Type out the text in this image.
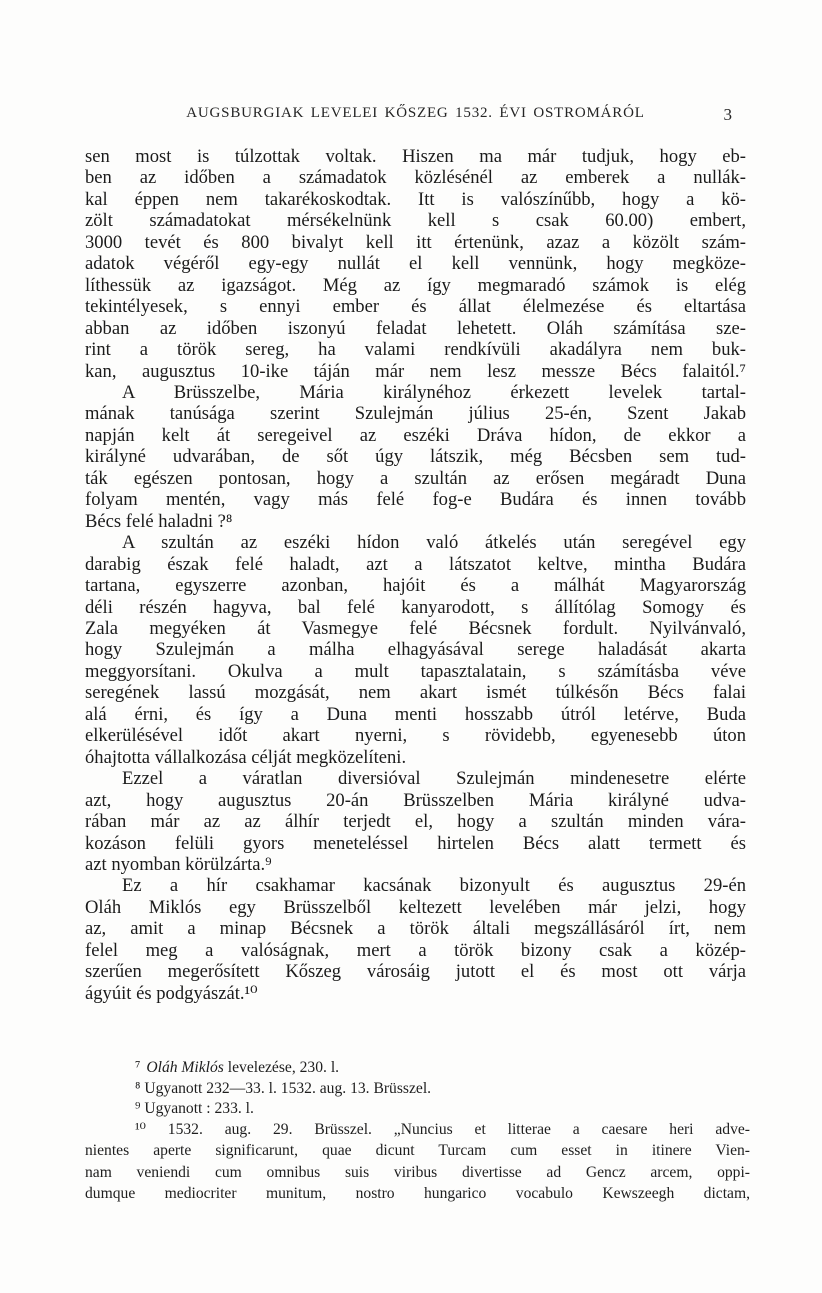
AUGSBURGIAK LEVELEI KŐSZEG 1532. ÉVI OSTROMÁRÓL	3
sen most is túlzottak voltak. Hiszen ma már tudjuk, hogy eb-
ben az időben a számadatok közlésénél az emberek a nullák-
kal éppen nem takarékoskodtak. Itt is valószínűbb, hogy a kö-
zölt számadatokat mérsékelnünk kell s csak 60.00) embert,
3000 tevét és 800 bivalyt kell itt értenünk, azaz a közölt szám-
adatok végéről egy-egy nullát el kell vennünk, hogy megköze-
líthessük az igazságot. Még az így megmaradó számok is elég
tekintélyesek, s ennyi ember és állat élelmezése és eltartása
abban az időben iszonyú feladat lehetett. Oláh számítása sze-
rint a török sereg, ha valami rendkívüli akadályra nem buk-
kan, augusztus 10-ike táján már nem lesz messze Bécs falaitól.⁷
A Brüsszelbe, Mária királynéhoz érkezett levelek tartal-
mának tanúsága szerint Szulejmán július 25-én, Szent Jakab
napján kelt át seregeivel az eszéki Dráva hídon, de ekkor a
királyné udvarában, de sőt úgy látszik, még Bécsben sem tud-
ták egészen pontosan, hogy a szultán az erősen megáradt Duna
folyam mentén, vagy más felé fog-e Budára és innen tovább
Bécs felé haladni ?⁸
A szultán az eszéki hídon való átkelés után seregével egy
darabig észak felé haladt, azt a látszatot keltve, mintha Budára
tartana, egyszerre azonban, hajóit és a málhát Magyarország
déli részén hagyva, bal felé kanyarodott, s állítólag Somogy és
Zala megyéken át Vasmegye felé Bécsnek fordult. Nyilvánvaló,
hogy Szulejmán a málha elhagyásával serege haladását akarta
meggyorsítani. Okulva a mult tapasztalatain, s számításba véve
seregének lassú mozgását, nem akart ismét túlkésőn Bécs falai
alá érni, és így a Duna menti hosszabb útról letérve, Buda
elkerülésével időt akart nyerni, s rövidebb, egyenesebb úton
óhajtotta vállalkozása célját megközelíteni.
Ezzel a váratlan diversióval Szulejmán mindenesetre elérte
azt, hogy augusztus 20-án Brüsszelben Mária királyné udva-
rában már az az álhír terjedt el, hogy a szultán minden vára-
kozáson felüli gyors meneteléssel hirtelen Bécs alatt termett és
azt nyomban körülzárta.⁹
Ez a hír csakhamar kacsának bizonyult és augusztus 29-én
Oláh Miklós egy Brüsszelből keltezett levelében már jelzi, hogy
az, amit a minap Bécsnek a török általi megszállásáról írt, nem
felel meg a valóságnak, mert a török bizony csak a közép-
szerűen megerősített Kőszeg városáig jutott el és most ott várja
ágyúit és podgyászát.¹⁰
⁷ Oláh Miklós levelezése, 230. l.
⁸ Ugyanott 232—33. l. 1532. aug. 13. Brüsszel.
⁹ Ugyanott : 233. l.
¹⁰ 1532. aug. 29. Brüsszel. „Nuncius et litterae a caesare heri adve-
nientes aperte significarunt, quae dicunt Turcam cum esset in itinere Vien-
nam veniendi cum omnibus suis viribus divertisse ad Gencz arcem, oppi-
dumque mediocriter munitum, nostro hungarico vocabulo Kewszeegh dictam,
